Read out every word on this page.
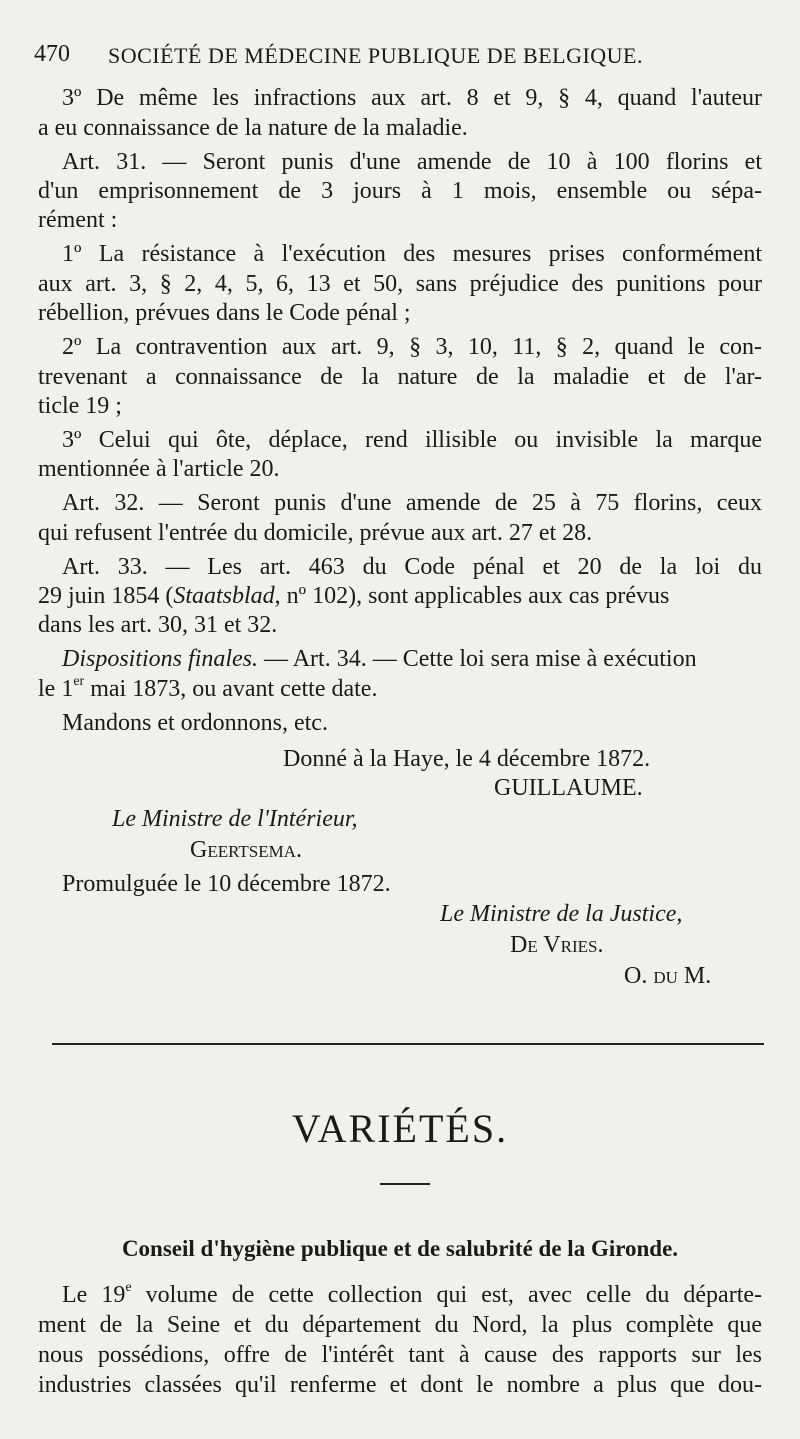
470 SOCIÉTÉ DE MÉDECINE PUBLIQUE DE BELGIQUE.
3º De même les infractions aux art. 8 et 9, § 4, quand l'auteur
a eu connaissance de la nature de la maladie.
Art. 31. — Seront punis d'une amende de 10 à 100 florins et
d'un emprisonnement de 3 jours à 1 mois, ensemble ou sépa-
rément :
1º La résistance à l'exécution des mesures prises conformément
aux art. 3, § 2, 4, 5, 6, 13 et 50, sans préjudice des punitions pour
rébellion, prévues dans le Code pénal ;
2º La contravention aux art. 9, § 3, 10, 11, § 2, quand le con-
trevenant a connaissance de la nature de la maladie et de l'ar-
ticle 19 ;
3º Celui qui ôte, déplace, rend illisible ou invisible la marque
mentionnée à l'article 20.
Art. 32. — Seront punis d'une amende de 25 à 75 florins, ceux
qui refusent l'entrée du domicile, prévue aux art. 27 et 28.
Art. 33. — Les art. 463 du Code pénal et 20 de la loi du
29 juin 1854 (Staatsblad, nº 102), sont applicables aux cas prévus
dans les art. 30, 31 et 32.
Dispositions finales. — Art. 34. — Cette loi sera mise à exécution
le 1er mai 1873, ou avant cette date.
Mandons et ordonnons, etc.
Donné à la Haye, le 4 décembre 1872.
GUILLAUME.
Le Ministre de l'Intérieur,
Geertsema.
Promulguée le 10 décembre 1872.
Le Ministre de la Justice,
De Vries.
O. du M.
VARIÉTÉS.
Conseil d'hygiène publique et de salubrité de la Gironde.
Le 19e volume de cette collection qui est, avec celle du départe-
ment de la Seine et du département du Nord, la plus complète que
nous possédions, offre de l'intérêt tant à cause des rapports sur les
industries classées qu'il renferme et dont le nombre a plus que dou-
